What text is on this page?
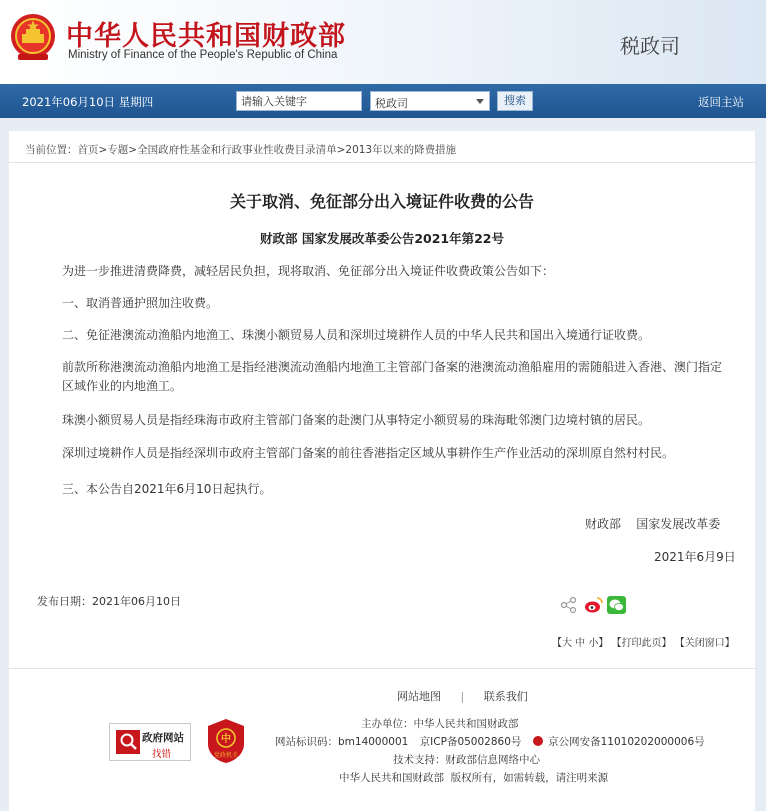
中华人民共和国财政部
Ministry of Finance of the People's Republic of China	税政司
2021年06月10日 星期四
请输入关键字	税政司	搜索	返回主站
当前位置：首页>专题>全国政府性基金和行政事业性收费目录清单>2013年以来的降费措施
关于取消、免征部分出入境证件收费的公告
财政部 国家发展改革委公告2021年第22号
为进一步推进清费降费，减轻居民负担，现将取消、免征部分出入境证件收费政策公告如下：
一、取消普通护照加注收费。
二、免征港澳流动渔船内地渔工、珠澳小额贸易人员和深圳过境耕作人员的中华人民共和国出入境通行证收费。
前款所称港澳流动渔船内地渔工是指经港澳流动渔船内地渔工主管部门备案的港澳流动渔船雇用的需随船进入香港、澳门指定区域作业的内地渔工。
珠澳小额贸易人员是指经珠海市政府主管部门备案的赴澳门从事特定小额贸易的珠海毗邻澳门边境村镇的居民。
深圳过境耕作人员是指经深圳市政府主管部门备案的前往香港指定区域从事耕作生产作业活动的深圳原自然村村民。
三、本公告自2021年6月10日起执行。
财政部    国家发展改革委
2021年6月9日
发布日期：2021年06月10日
【大 中 小】 【打印此页】 【关闭窗口】
网站地图 | 联系我们
政府网站
找错
中
党政机关
主办单位：中华人民共和国财政部
网站标识码：bm14000001 京ICP备05002860号	京公网安备11010202000006号
技术支持：财政部信息网络中心
中华人民共和国财政部  版权所有，如需转载，请注明来源
